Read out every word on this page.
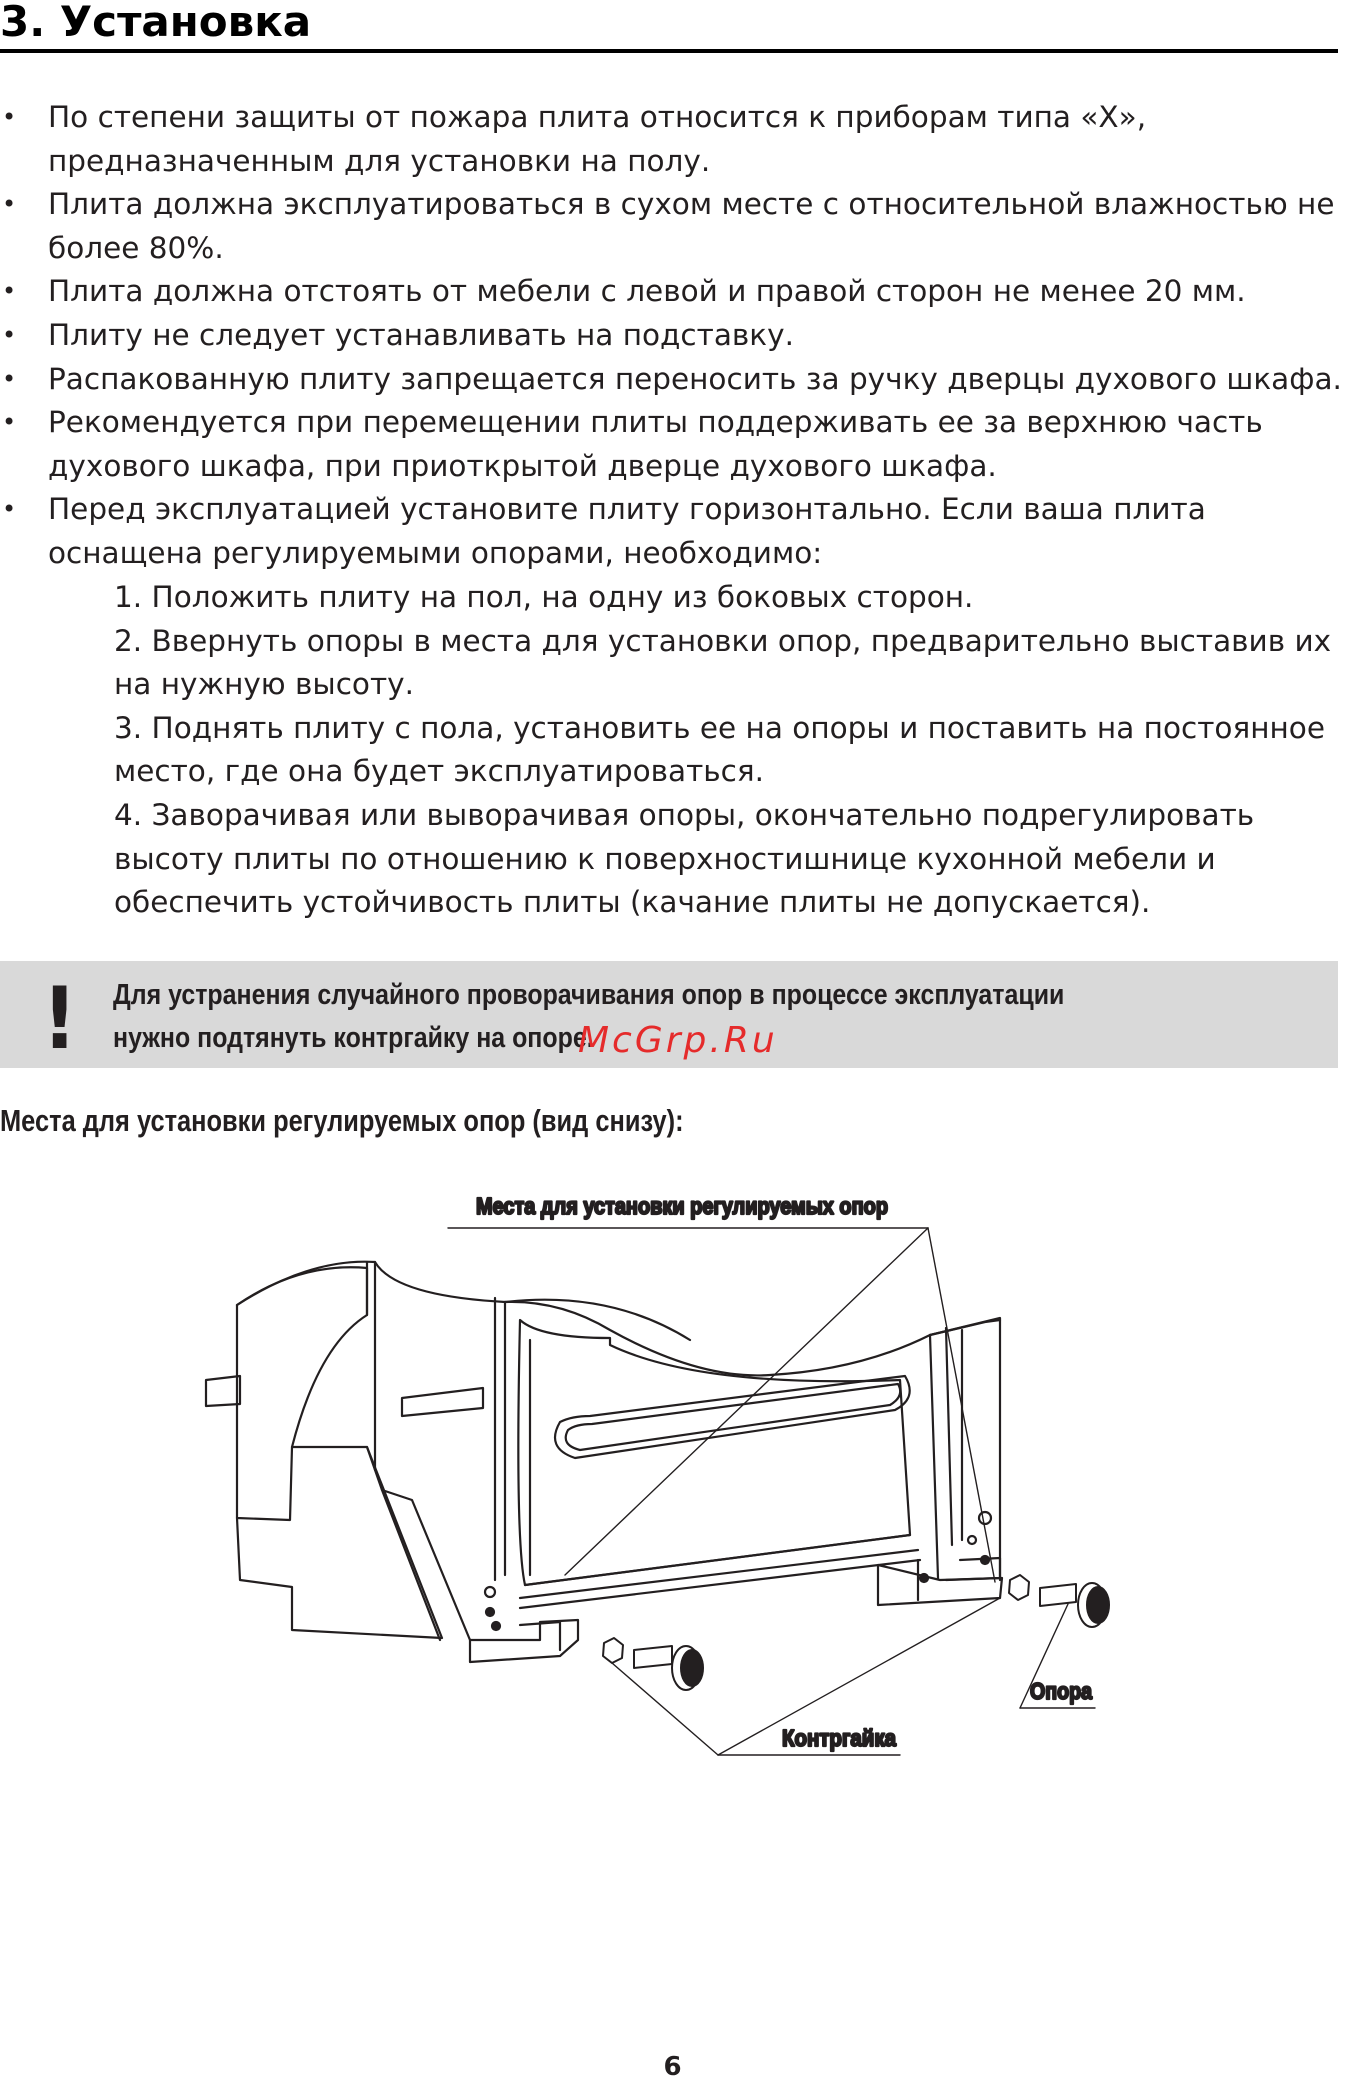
3. Установка
• По степени защиты от пожара плита относится к приборам типа «Х», предназначенным для установки на полу.
• Плита должна эксплуатироваться в сухом месте с относительной влажностью не более 80%.
• Плита должна отстоять от мебели с левой и правой сторон не менее 20 мм.
• Плиту не следует устанавливать на подставку.
• Распакованную плиту запрещается переносить за ручку дверцы духового шкафа.
• Рекомендуется при перемещении плиты поддерживать ее за верхнюю часть духового шкафа, при приоткрытой дверце духового шкафа.
• Перед эксплуатацией установите плиту горизонтально. Если ваша плита оснащена регулируемыми опорами, необходимо:
1. Положить плиту на пол, на одну из боковых сторон.
2. Ввернуть опоры в места для установки опор, предварительно выставив их на нужную высоту.
3. Поднять плиту с пола, установить ее на опоры и поставить на постоянное место, где она будет эксплуатироваться.
4. Заворачивая или выворачивая опоры, окончательно подрегулировать высоту плиты по отношению к поверхностишнице кухонной мебели и обеспечить устойчивость плиты (качание плиты не допускается).
! Для устранения случайного проворачивания опор в процессе эксплуатации нужно подтянуть контргайку на опоре.

McGrp.Ru

Места для установки регулируемых опор (вид снизу):
Места для установки регулируемых опор
Опора
Контргайка

6
